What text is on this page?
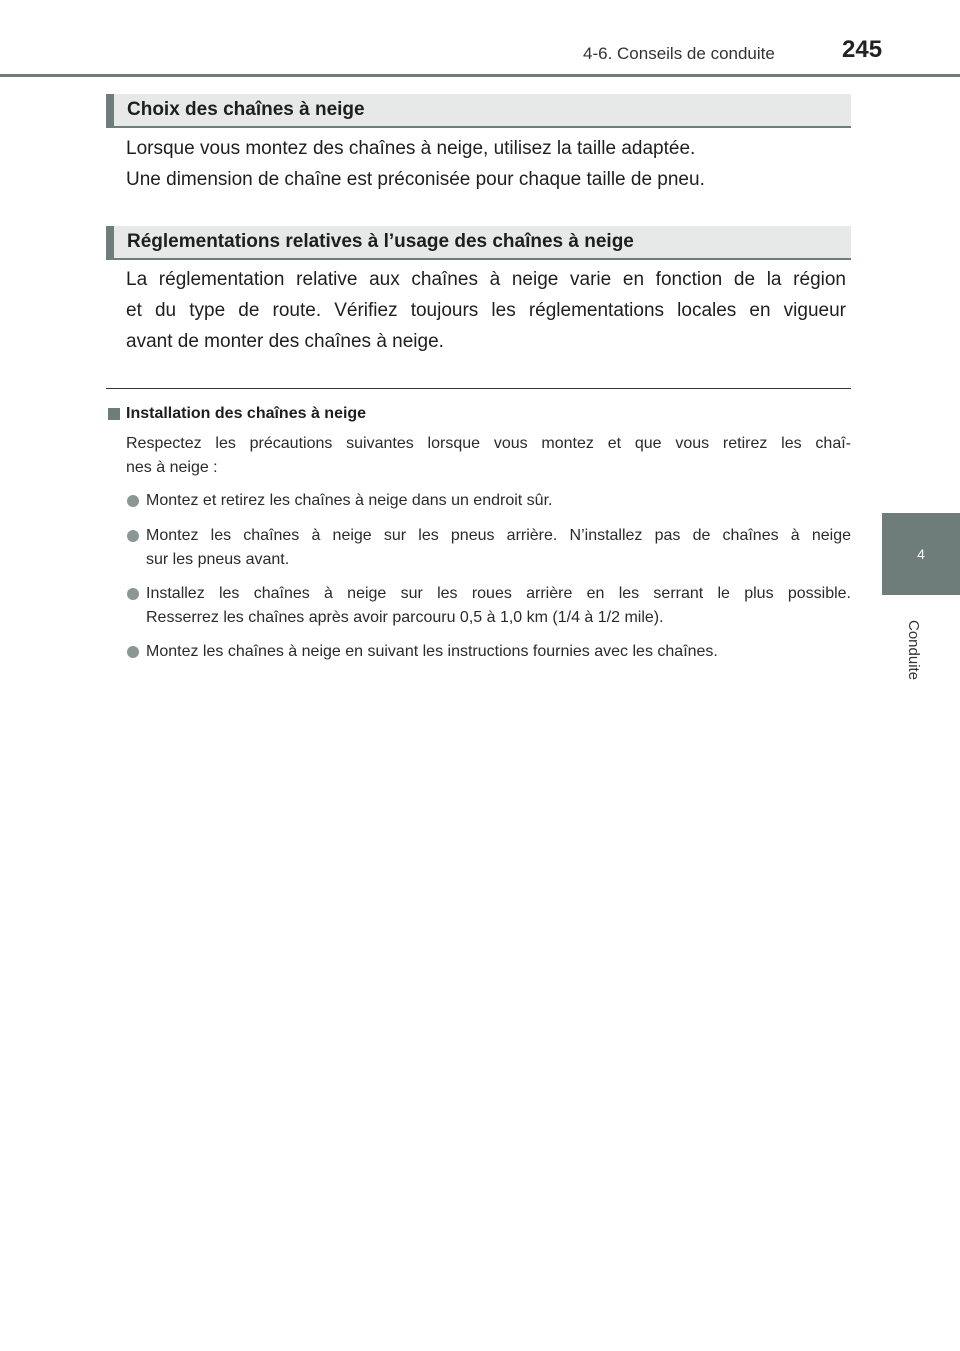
4-6. Conseils de conduite	245
4
Conduite
Choix des chaînes à neige

Lorsque vous montez des chaînes à neige, utilisez la taille adaptée.
Une dimension de chaîne est préconisée pour chaque taille de pneu.

Réglementations relatives à l’usage des chaînes à neige

La réglementation relative aux chaînes à neige varie en fonction de la région
et du type de route. Vérifiez toujours les réglementations locales en vigueur
avant de monter des chaînes à neige.

Installation des chaînes à neige

Respectez les précautions suivantes lorsque vous montez et que vous retirez les chaî-
nes à neige :

Montez et retirez les chaînes à neige dans un endroit sûr.
Montez les chaînes à neige sur les pneus arrière. N’installez pas de chaînes à neige
sur les pneus avant.
Installez les chaînes à neige sur les roues arrière en les serrant le plus possible.
Resserrez les chaînes après avoir parcouru 0,5 à 1,0 km (1/4 à 1/2 mile).
Montez les chaînes à neige en suivant les instructions fournies avec les chaînes.
